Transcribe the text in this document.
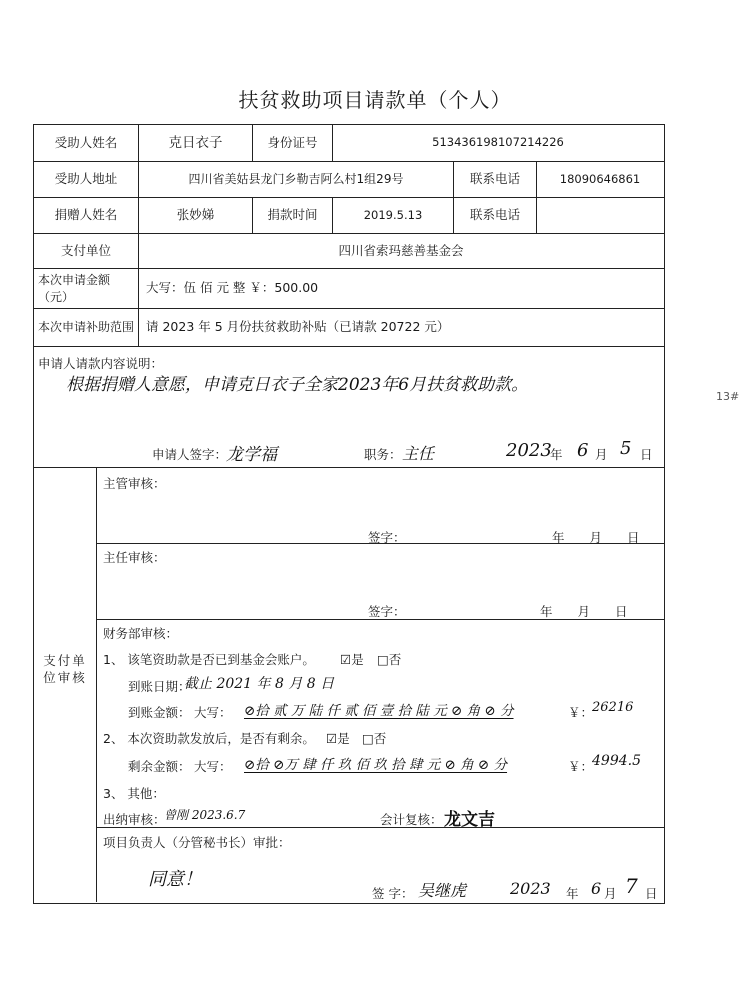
扶贫救助项目请款单（个人）
13#
受助人姓名	克日衣子	身份证号	513436198107214226
受助人地址	四川省美姑县龙门乡勒吉阿么村1组29号	联系电话	18090646861
捐赠人姓名	张妙娣	捐款时间	2019.5.13	联系电话
支付单位	四川省索玛慈善基金会
本次申请金额（元）
大写：伍 佰 元 整 ￥：500.00
本次申请补助范围 请 2023 年 5 月份扶贫救助补贴（已请款 20722 元）
申请人请款内容说明：
根据捐赠人意愿，申请克日衣子全家2023年6月扶贫救助款。
申请人签字：
龙学福	职务： 主任	2023
年 6 月 5 日
支付单位审核
主管审核：
签字：	年　　月　　日
主任审核：
签字：	年　　月　　日
财务部审核：
1、 该笔资助款是否已到基金会账户。 ☑是 □否
到账日期：
截止 2021 年 8 月 8 日
到账金额： 大写： ⊘拾 贰 万 陆 仟 贰 佰 壹 拾 陆 元 ⊘ 角 ⊘ 分	￥：
26216
2、 本次资助款发放后，是否有剩余。 ☑是 □否
剩余金额： 大写： ⊘拾 ⊘万 肆 仟 玖 佰 玖 拾 肆 元 ⊘ 角 ⊘ 分	￥：
4994.5
3、 其他：
出纳审核：
曾刚 2023.6.7	会计复核： 龙文吉
项目负责人（分管秘书长）审批：
同意！
签 字： 吴继虎	2023 年 6 月 7 日
